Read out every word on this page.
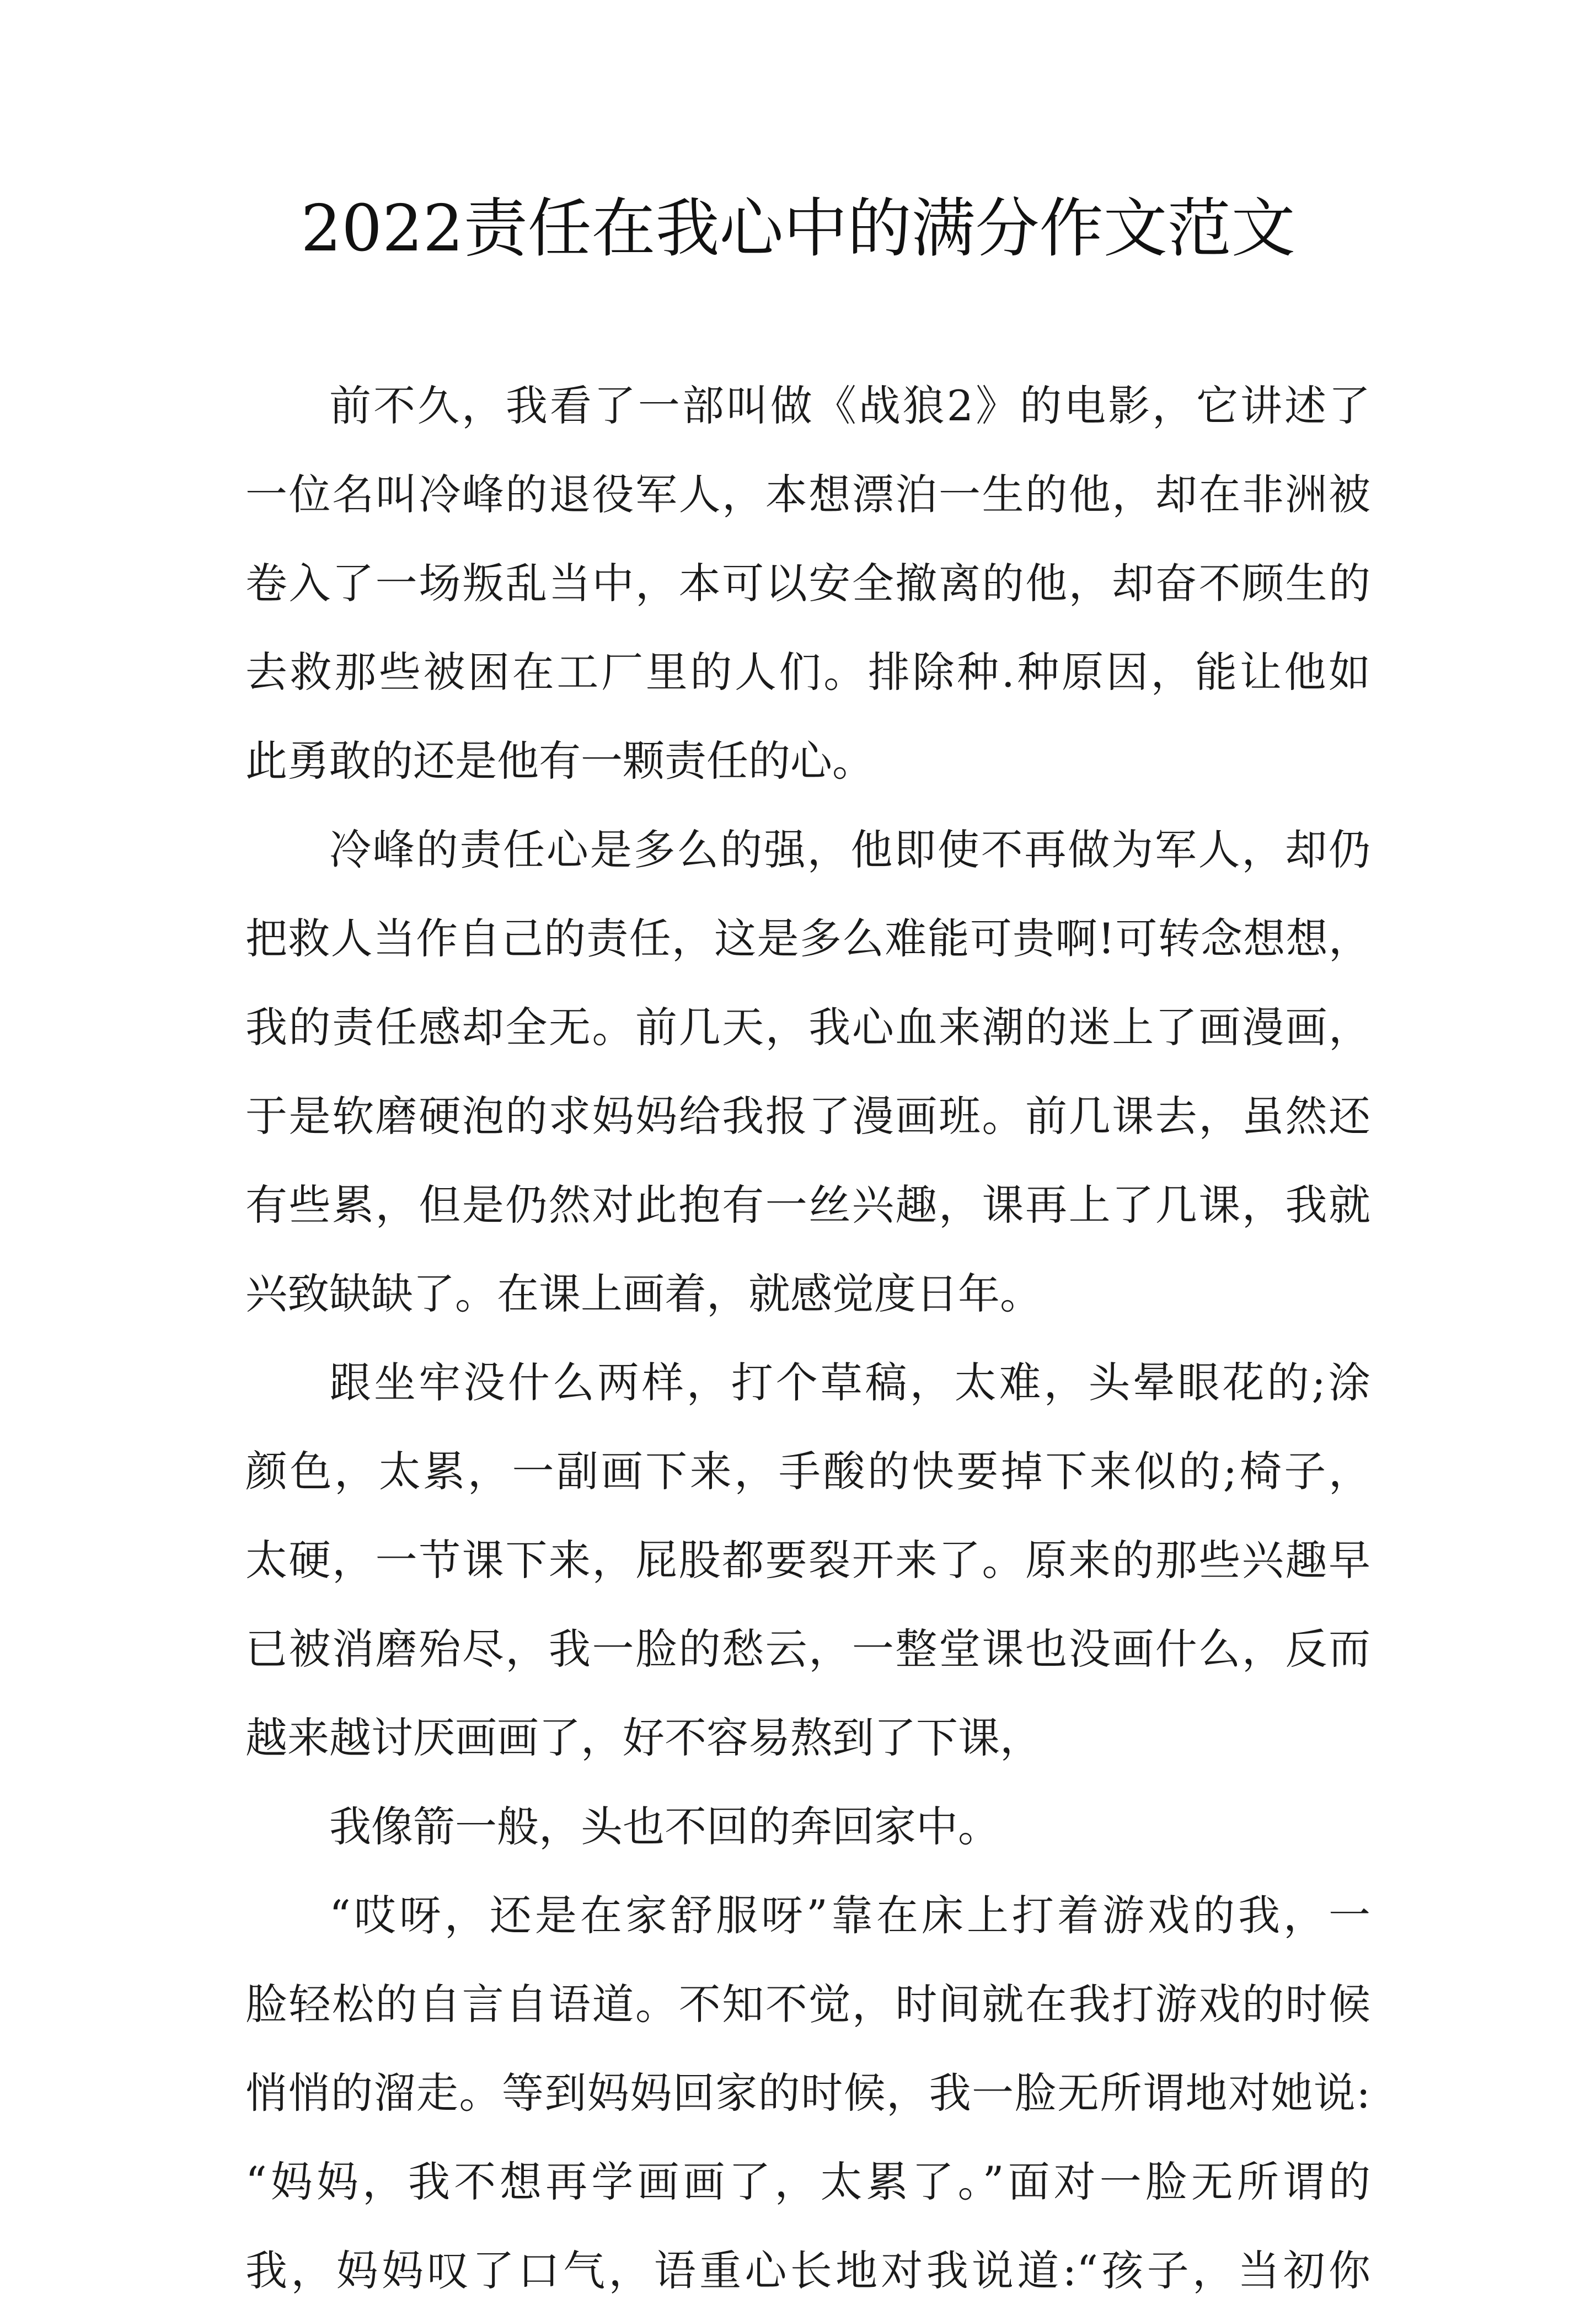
2022责任在我心中的满分作文范文
前不久，我看了一部叫做《战狼2》的电影，它讲述了
一位名叫冷峰的退役军人，本想漂泊一生的他，却在非洲被
卷入了一场叛乱当中，本可以安全撤离的他，却奋不顾生的
去救那些被困在工厂里的人们。排除种.种原因，能让他如
此勇敢的还是他有一颗责任的心。
冷峰的责任心是多么的强，他即使不再做为军人，却仍
把救人当作自己的责任，这是多么难能可贵啊!可转念想想，
我的责任感却全无。前几天，我心血来潮的迷上了画漫画，
于是软磨硬泡的求妈妈给我报了漫画班。前几课去，虽然还
有些累，但是仍然对此抱有一丝兴趣，课再上了几课，我就
兴致缺缺了。在课上画着，就感觉度日年。
跟坐牢没什么两样，打个草稿，太难，头晕眼花的;涂
颜色，太累，一副画下来，手酸的快要掉下来似的;椅子，
太硬，一节课下来，屁股都要裂开来了。原来的那些兴趣早
已被消磨殆尽，我一脸的愁云，一整堂课也没画什么，反而
越来越讨厌画画了，好不容易熬到了下课，
我像箭一般，头也不回的奔回家中。
“哎呀，还是在家舒服呀”靠在床上打着游戏的我，一
脸轻松的自言自语道。不知不觉，时间就在我打游戏的时候
悄悄的溜走。等到妈妈回家的时候，我一脸无所谓地对她说:
“妈妈，我不想再学画画了，太累了。”面对一脸无所谓的
我，妈妈叹了口气，语重心长地对我说道:“孩子，当初你
